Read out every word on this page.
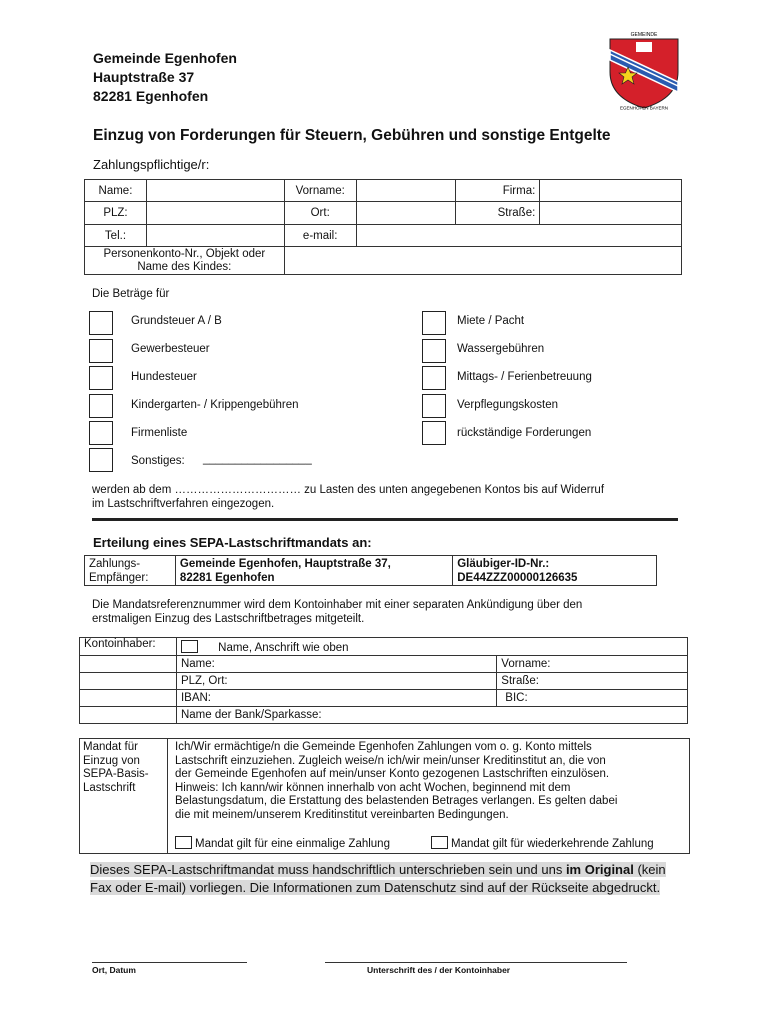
Gemeinde Egenhofen
Hauptstraße 37
82281 Egenhofen
GEMEINDE
EGENHOFEN BAYERN
Einzug von Forderungen für Steuern, Gebühren und sonstige Entgelte
Zahlungspflichtige/r:
Name:		Vorname:		Firma:	
PLZ:		Ort:		Straße:	
Tel.:		e-mail:			
Personenkonto-Nr., Objekt oder Name des Kindes:					
Die Beträge für
Grundsteuer A / B
Gewerbesteuer
Hundesteuer
Kindergarten- / Krippengebühren
Firmenliste
Sonstiges: _________________
Miete / Pacht
Wassergebühren
Mittags- / Ferienbetreuung
Verpflegungskosten
rückständige Forderungen
werden ab dem …………………………… zu Lasten des unten angegebenen Kontos bis auf Widerruf
im Lastschriftverfahren eingezogen.
Erteilung eines SEPA-Lastschriftmandats an:
Zahlungs-
Empfänger:

Gemeinde Egenhofen, Hauptstraße 37,
82281 Egenhofen

Gläubiger-ID-Nr.:
DE44ZZZ00000126635
Die Mandatsreferenznummer wird dem Kontoinhaber mit einer separaten Ankündigung über den
erstmaligen Einzug des Lastschriftbetrages mitgeteilt.
Kontoinhaber:	Name, Anschrift wie oben	
	Name:	Vorname:
	PLZ, Ort:	Straße:
	IBAN:	BIC:
	Name der Bank/Sparkasse:	
Mandat für
Einzug von
SEPA-Basis-
Lastschrift
Ich/Wir ermächtige/n die Gemeinde Egenhofen Zahlungen vom o. g. Konto mittels
Lastschrift einzuziehen. Zugleich weise/n ich/wir mein/unser Kreditinstitut an, die von
der Gemeinde Egenhofen auf mein/unser Konto gezogenen Lastschriften einzulösen.
Hinweis: Ich kann/wir können innerhalb von acht Wochen, beginnend mit dem
Belastungsdatum, die Erstattung des belastenden Betrages verlangen. Es gelten dabei
die mit meinem/unserem Kreditinstitut vereinbarten Bedingungen.
Mandat gilt für eine einmalige Zahlung	Mandat gilt für wiederkehrende Zahlung
Dieses SEPA-Lastschriftmandat muss handschriftlich unterschrieben sein und uns im Original (kein Fax oder E-mail) vorliegen. Die Informationen zum Datenschutz sind auf der Rückseite abgedruckt.
Ort, Datum	Unterschrift des / der Kontoinhaber
